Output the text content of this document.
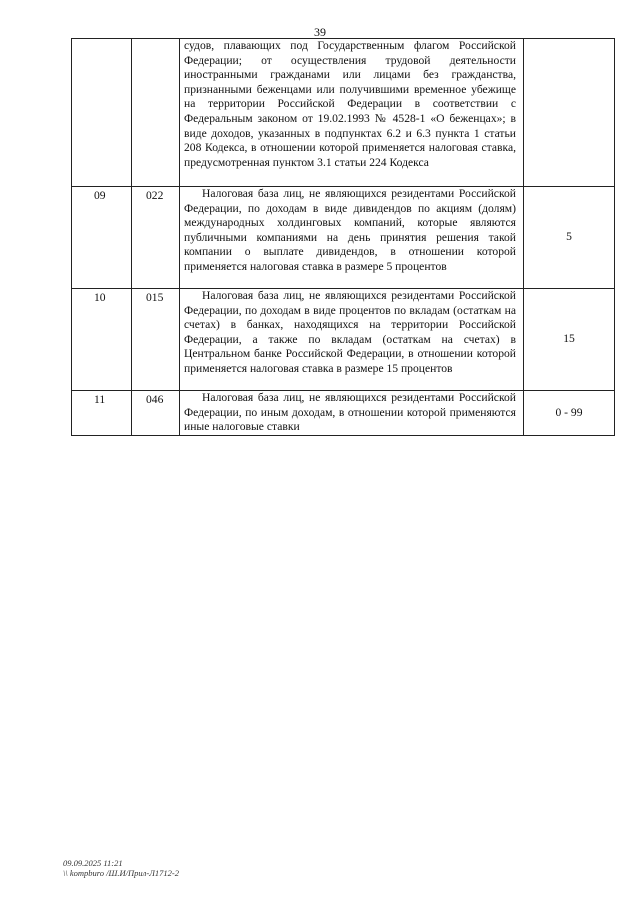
39

		судов, плавающих под Государственным флагом Российской Федерации; от осуществления трудовой деятельности иностранными гражданами или лицами без гражданства, признанными беженцами или получившими временное убежище на территории Российской Федерации в соответствии с Федеральным законом от 19.02.1993 № 4528-1 «О беженцах»; в виде доходов, указанных в подпунктах 6.2 и 6.3 пункта 1 статьи 208 Кодекса, в отношении которой применяется налоговая ставка, предусмотренная пунктом 3.1 статьи 224 Кодекса	

09	022	Налоговая база лиц, не являющихся резидентами Российской Федерации, по доходам в виде дивидендов по акциям (долям) международных холдинговых компаний, которые являются публичными компаниями на день принятия решения такой компании о выплате дивидендов, в отношении которой применяется налоговая ставка в размере 5 процентов	5
10	015	Налоговая база лиц, не являющихся резидентами Российской Федерации, по доходам в виде процентов по вкладам (остаткам на счетах) в банках, находящихся на территории Российской Федерации, а также по вкладам (остаткам на счетах) в Центральном банке Российской Федерации, в отношении которой применяется налоговая ставка в размере 15 процентов	15
11	046	Налоговая база лиц, не являющихся резидентами Российской Федерации, по иным доходам, в отношении которой применяются иные налоговые ставки	0 - 99
09.09.2025 11:21
\\ kompburo /Ш.И/Прил-Л1712-2
